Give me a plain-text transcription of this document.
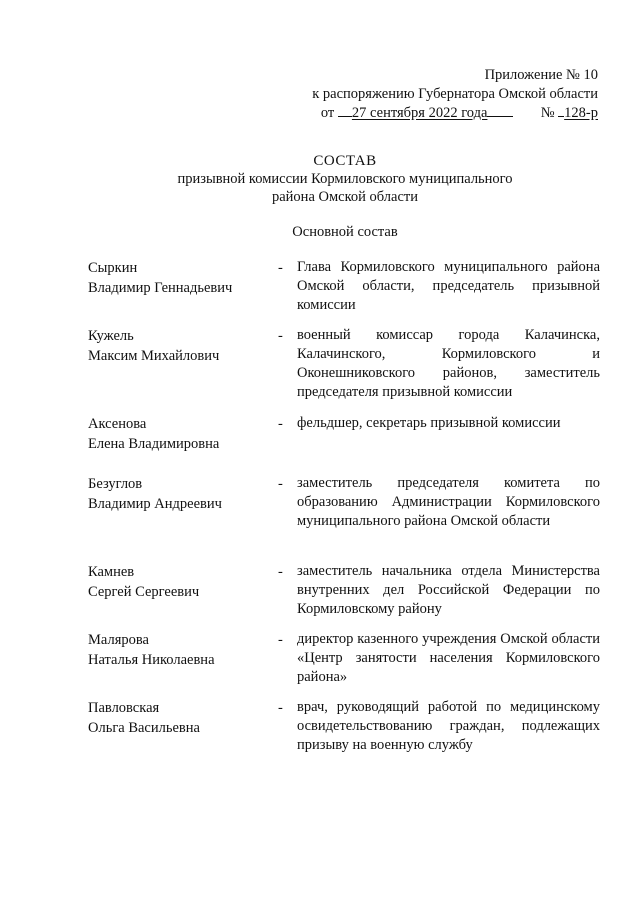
Приложение № 10
к распоряжению Губернатора Омской области
от 27 сентября 2022 года	№ 128-р
СОСТАВ
призывной комиссии Кормиловского муниципального
района Омской области
Основной состав
Сыркин
Владимир Геннадьевич
- Глава Кормиловского муниципального района Омской области, председатель призывной комиссии
Кужель
Максим Михайлович
- военный комиссар города Калачинска, Калачинского, Кормиловского и Оконешниковского районов, заместитель председателя призывной комиссии
Аксенова
Елена Владимировна
- фельдшер, секретарь призывной комиссии
Безуглов
Владимир Андреевич
- заместитель председателя комитета по образованию Администрации Кормиловского муниципального района Омской области
Камнев
Сергей Сергеевич
- заместитель начальника отдела Министерства внутренних дел Российской Федерации по Кормиловскому району
Малярова
Наталья Николаевна
- директор казенного учреждения Омской области «Центр занятости населения Кормиловского района»
Павловская
Ольга Васильевна
- врач, руководящий работой по медицинскому освидетельствованию граждан, подлежащих призыву на военную службу
